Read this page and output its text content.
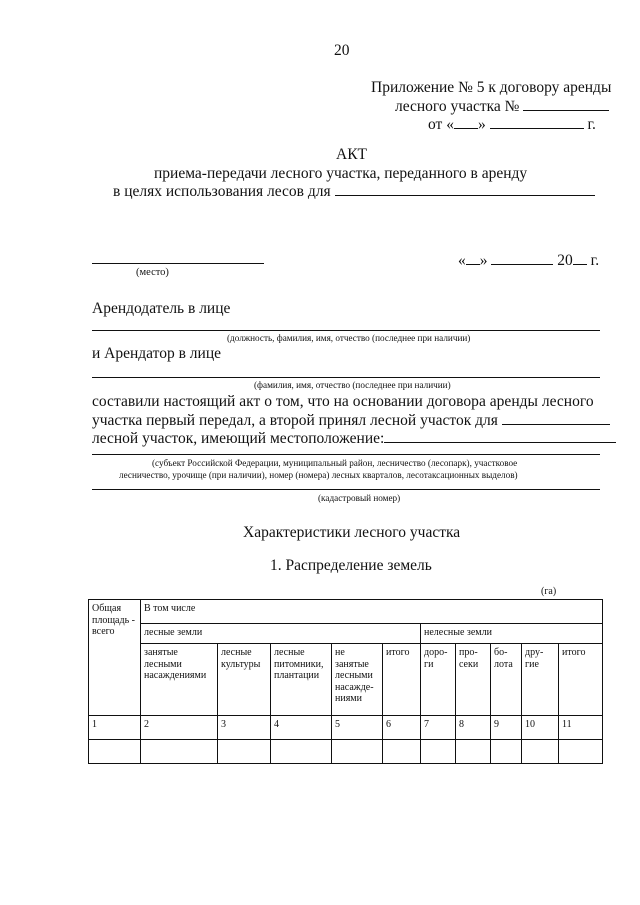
20
Приложение № 5 к договору аренды
лесного участка №
от « »	г.
АКТ
приема-передачи лесного участка, переданного в аренду
в целях использования лесов для
(место)
« »	20 г.
Арендодатель в лице
(должность, фамилия, имя, отчество (последнее при наличии)
и Арендатор в лице
(фамилия, имя, отчество (последнее при наличии)
составили настоящий акт о том, что на основании договора аренды лесного
участка первый передал, а второй принял лесной участок для
лесной участок, имеющий местоположение:
(субъект Российской Федерации, муниципальный район, лесничество (лесопарк), участковое
лесничество, урочище (при наличии), номер (номера) лесных кварталов, лесотаксационных выделов)
(кадастровый номер)
Характеристики лесного участка
1. Распределение земель
(га)
Общая площадь - всего	В том числе									
	лесные земли					нелесные земли				
	занятые лесными насаждениями	лесные культуры	лесные питомники, плантации	не занятые лесными насажде-ниями	итого	доро-ги	про-секи	бо-лота	дру-гие	итого
1	2	3	4	5	6	7	8	9	10	11
